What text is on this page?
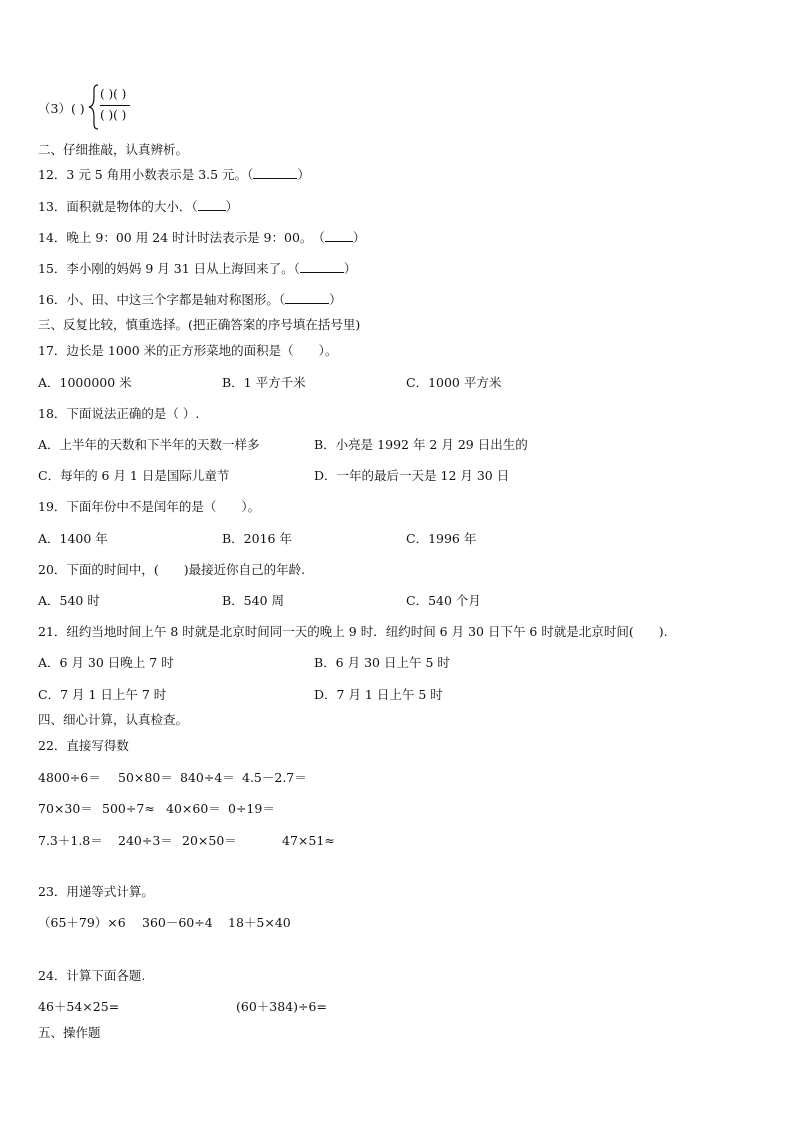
（3）( )
( )( )
( )( )
二、仔细推敲，认真辨析。
12．3 元 5 角用小数表示是 3.5 元。（	）
13．面积就是物体的大小．（ ）
14．晚上 9：00 用 24 时计时法表示是 9：00。　（ ）
15．李小刚的妈妈 9 月 31 日从上海回来了。（	）
16．小、田、中这三个字都是轴对称图形。（	）
三、反复比较，慎重选择。(把正确答案的序号填在括号里)
17．边长是 1000 米的正方形菜地的面积是（　　）。
A．1000000 米	B．1 平方千米	C．1000 平方米
18．下面说法正确的是（ ）.
A．上半年的天数和下半年的天数一样多	B．小亮是 1992 年 2 月 29 日出生的
C．每年的 6 月 1 日是国际儿童节	D．一年的最后一天是 12 月 30 日
19．下面年份中不是闰年的是（　　）。
A．1400 年	B．2016 年	C．1996 年
20．下面的时间中，(　　)最接近你自己的年龄.
A．540 时	B．540 周	C．540 个月
21．纽约当地时间上午 8 时就是北京时间同一天的晚上 9 时．纽约时间 6 月 30 日下午 6 时就是北京时间(　　).
A．6 月 30 日晚上 7 时	B．6 月 30 日上午 5 时
C．7 月 1 日上午 7 时	D．7 月 1 日上午 5 时
四、细心计算，认真检查。
22．直接写得数
4800÷6＝ 50×80＝ 840÷4＝ 4.5－2.7＝
70×30＝ 500÷7≈ 40×60＝ 0÷19＝
7.3＋1.8＝ 240÷3＝ 20×50＝	47×51≈
23．用递等式计算。
（65＋79）×6 360－60÷4 18＋5×40
24．计算下面各题.
46＋54×25=	(60＋384)÷6=
五、操作题
